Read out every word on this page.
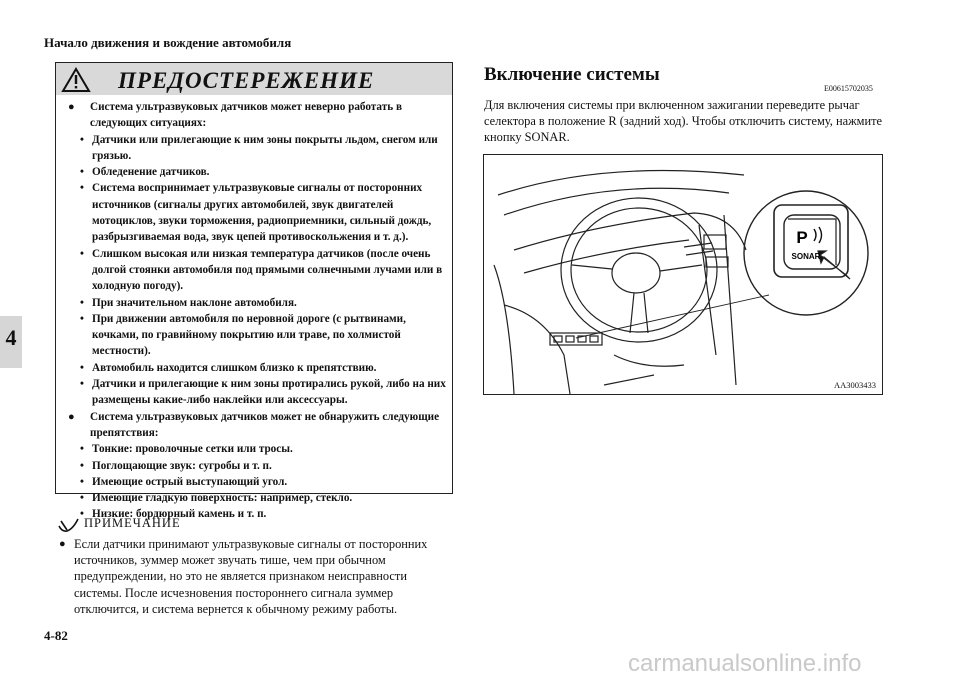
Начало движения и вождение автомобиля
4
ПРЕДОСТЕРЕЖЕНИЕ
● Система ультразвуковых датчиков может неверно работать в следующих ситуациях:
• Датчики или прилегающие к ним зоны покрыты льдом, снегом или грязью.
• Обледенение датчиков.
• Система воспринимает ультразвуковые сигналы от посторонних источников (сигналы других автомобилей, звук двигателей мотоциклов, звуки торможения, радиоприемники, сильный дождь, разбрызгиваемая вода, звук цепей противоскольжения и т. д.).
• Слишком высокая или низкая температура датчиков (после очень долгой стоянки автомобиля под прямыми солнечными лучами или в холодную погоду).
• При значительном наклоне автомобиля.
• При движении автомобиля по неровной дороге (с рытвинами, кочками, по гравийному покрытию или траве, по холмистой местности).
• Автомобиль находится слишком близко к препятствию.
• Датчики и прилегающие к ним зоны протирались рукой, либо на них размещены какие-либо наклейки или аксессуары.
● Система ультразвуковых датчиков может не обнаружить следующие препятствия:
• Тонкие: проволочные сетки или тросы.
• Поглощающие звук: сугробы и т. п.
• Имеющие острый выступающий угол.
• Имеющие гладкую поверхность: например, стекло.
• Низкие: бордюрный камень и т. п.
ПРИМЕЧАНИЕ
● Если датчики принимают ультразвуковые сигналы от посторонних источников, зуммер может звучать тише, чем при обычном предупреждении, но это не является признаком неисправности системы. После исчезновения постороннего сигнала зуммер отключится, и система вернется к обычному режиму работы.
Включение системы
E00615702035
Для включения системы при включенном зажигании переведите рычаг селектора в положение R (задний ход). Чтобы отключить систему, нажмите кнопку SONAR.
P
SONAR
AA3003433
4-82
carmanualsonline.info
